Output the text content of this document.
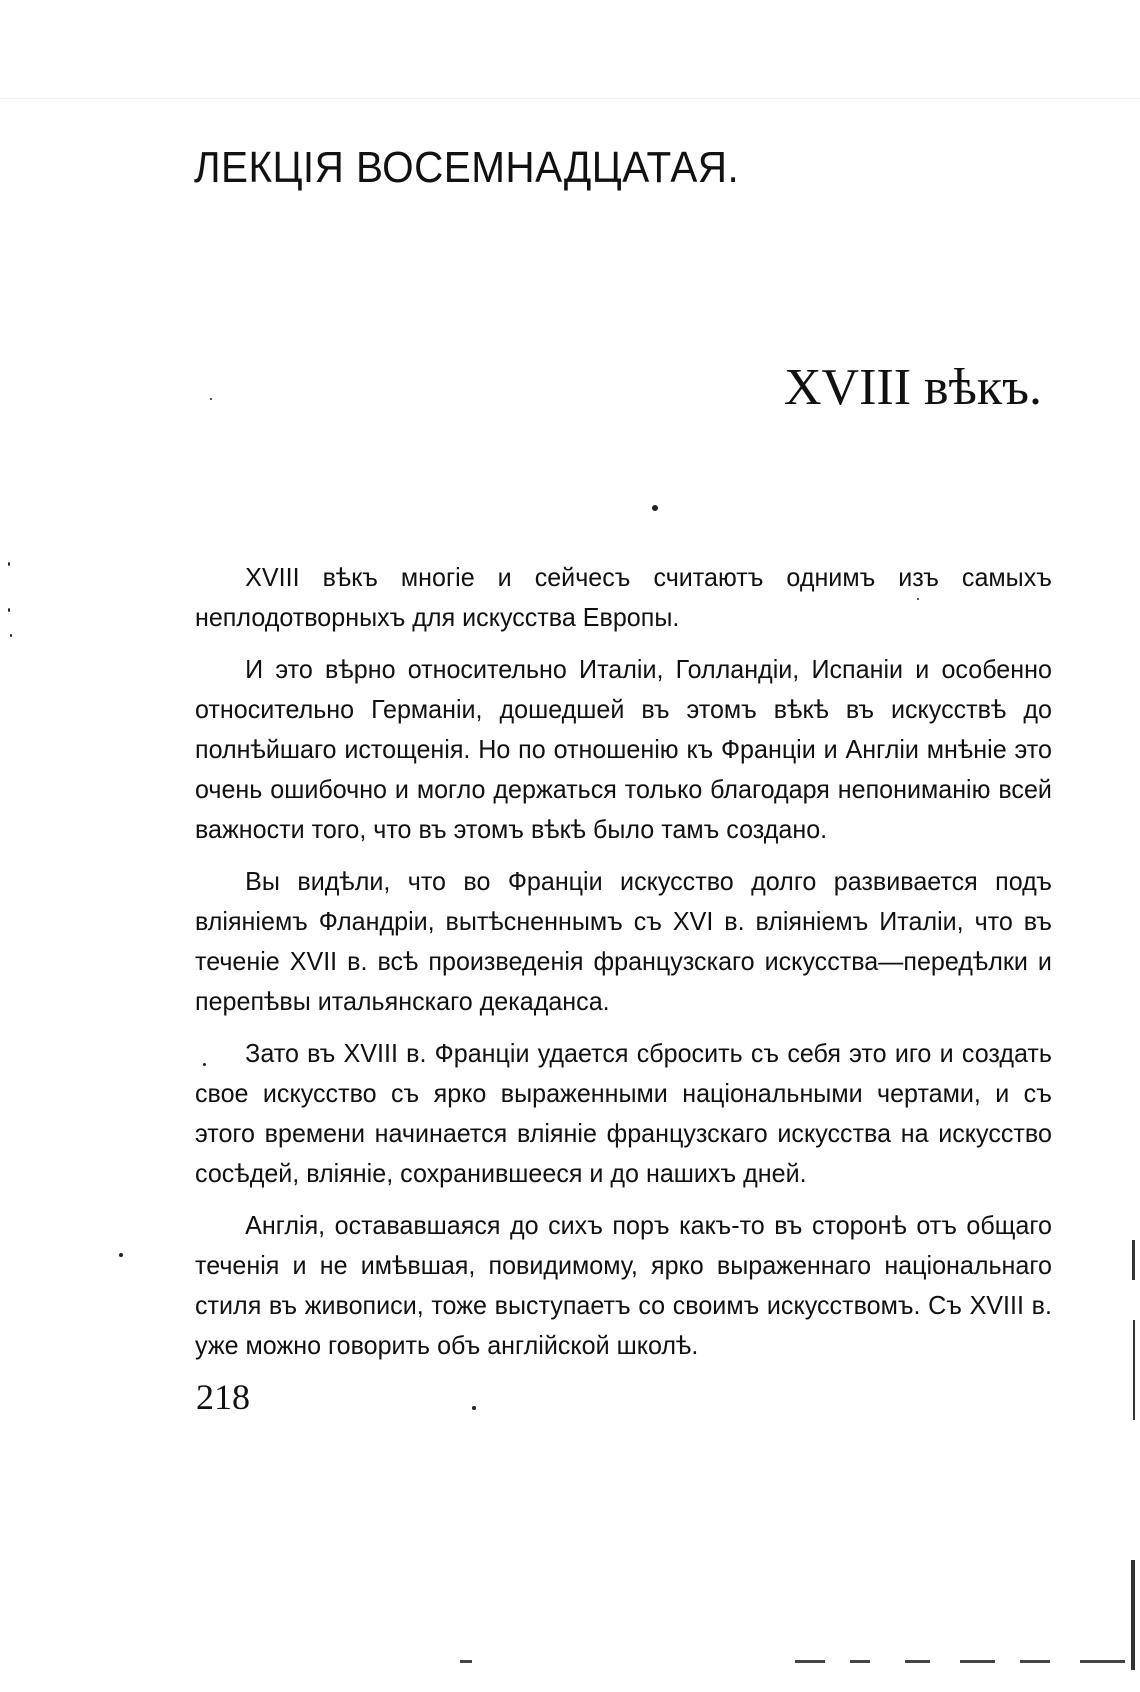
ЛЕКЦІЯ ВОСЕМНАДЦАТАЯ.
XVIII вѣкъ.

XVIII вѣкъ многіе и сейчесъ считаютъ однимъ изъ самыхъ неплодотворныхъ для искусства Европы.

И это вѣрно относительно Италіи, Голландіи, Испаніи и особенно относительно Германіи, дошедшей въ этомъ вѣкѣ въ искусствѣ до полнѣйшаго истощенія. Но по отношенію къ Франціи и Англіи мнѣніе это очень ошибочно и могло держаться только благодаря непониманію всей важности того, что въ этомъ вѣкѣ было тамъ создано.

Вы видѣли, что во Франціи искусство долго развивается подъ вліяніемъ Фландріи, вытѣсненнымъ съ XVI в. вліяніемъ Италіи, что въ теченіе XVII в. всѣ произведенія французскаго искусства—передѣлки и перепѣвы итальянскаго декаданса.

Зато въ XVIII в. Франціи удается сбросить съ себя это иго и создать свое искусство съ ярко выраженными національными чертами, и съ этого времени начинается вліяніе французскаго искусства на искусство сосѣдей, вліяніе, сохранившееся и до нашихъ дней.

Англія, остававшаяся до сихъ поръ какъ-то въ сторонѣ отъ общаго теченія и не имѣвшая, повидимому, ярко выраженнаго національнаго стиля въ живописи, тоже выступаетъ со своимъ искусствомъ. Съ XVIII в. уже можно говорить объ англійской школѣ.

218
